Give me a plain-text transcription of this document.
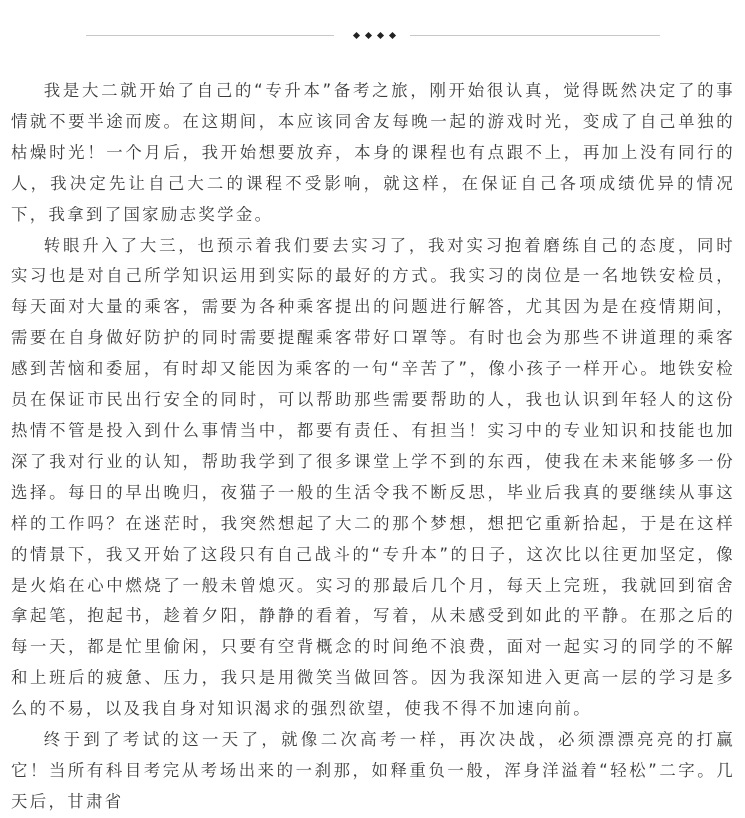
我是大二就开始了自己的“专升本”备考之旅，刚开始很认真，觉得既然决定了的事情就不要半途而废。在这期间，本应该同舍友每晚一起的游戏时光，变成了自己单独的枯燥时光！一个月后，我开始想要放弃，本身的课程也有点跟不上，再加上没有同行的人，我决定先让自己大二的课程不受影响，就这样，在保证自己各项成绩优异的情况下，我拿到了国家励志奖学金。

转眼升入了大三，也预示着我们要去实习了，我对实习抱着磨练自己的态度，同时实习也是对自己所学知识运用到实际的最好的方式。我实习的岗位是一名地铁安检员，每天面对大量的乘客，需要为各种乘客提出的问题进行解答，尤其因为是在疫情期间，需要在自身做好防护的同时需要提醒乘客带好口罩等。有时也会为那些不讲道理的乘客感到苦恼和委屈，有时却又能因为乘客的一句“辛苦了”，像小孩子一样开心。地铁安检员在保证市民出行安全的同时，可以帮助那些需要帮助的人，我也认识到年轻人的这份热情不管是投入到什么事情当中，都要有责任、有担当！实习中的专业知识和技能也加深了我对行业的认知，帮助我学到了很多课堂上学不到的东西，使我在未来能够多一份选择。每日的早出晚归，夜猫子一般的生活令我不断反思，毕业后我真的要继续从事这样的工作吗？在迷茫时，我突然想起了大二的那个梦想，想把它重新拾起，于是在这样的情景下，我又开始了这段只有自己战斗的“专升本”的日子，这次比以往更加坚定，像是火焰在心中燃烧了一般未曾熄灭。实习的那最后几个月，每天上完班，我就回到宿舍拿起笔，抱起书，趁着夕阳，静静的看着，写着，从未感受到如此的平静。在那之后的每一天，都是忙里偷闲，只要有空背概念的时间绝不浪费，面对一起实习的同学的不解和上班后的疲惫、压力，我只是用微笑当做回答。因为我深知进入更高一层的学习是多么的不易，以及我自身对知识渴求的强烈欲望，使我不得不加速向前。

终于到了考试的这一天了，就像二次高考一样，再次决战，必须漂漂亮亮的打赢它！当所有科目考完从考场出来的一刹那，如释重负一般，浑身洋溢着“轻松”二字。几天后，甘肃省
